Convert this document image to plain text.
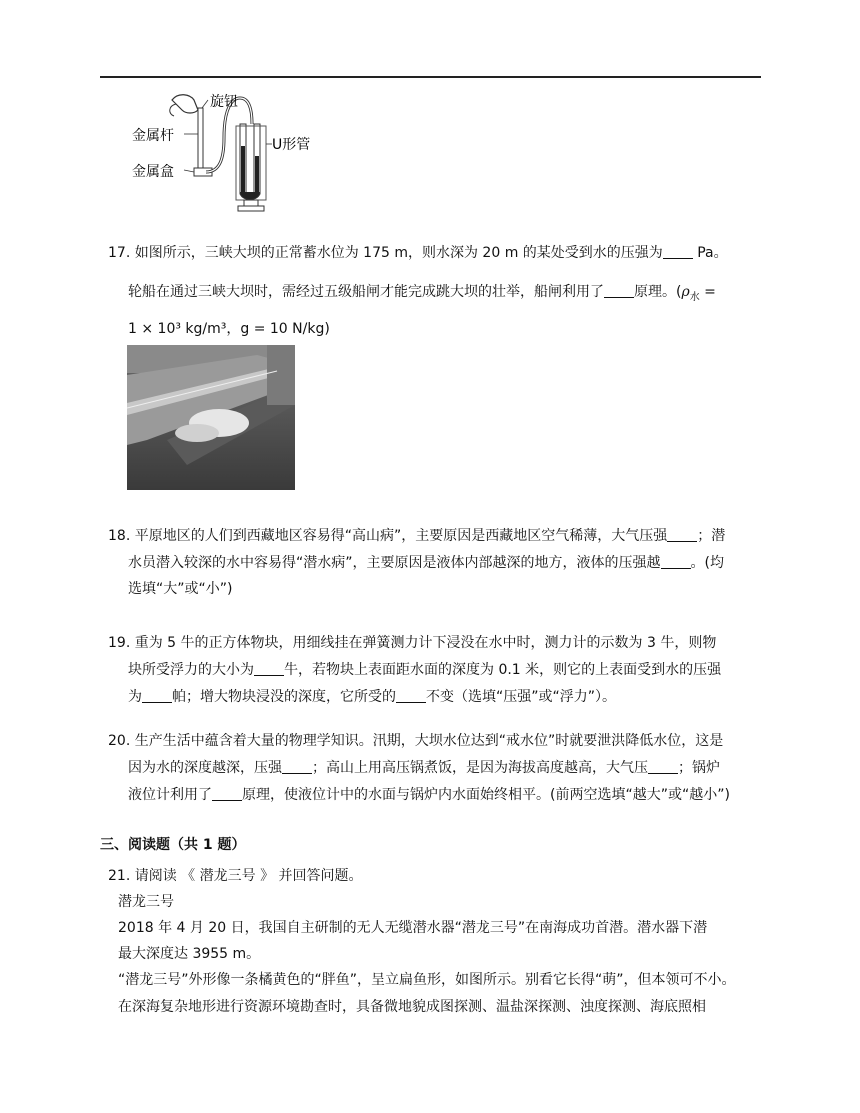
旋钮
金属杆
金属盒
U形管
17. 如图所示，三峡大坝的正常蓄水位为 175 m，则水深为 20 m 的某处受到水的压强为 Pa。
轮船在通过三峡大坝时，需经过五级船闸才能完成跳大坝的壮举，船闸利用了 原理。($\rho_水$ =
1 × 10³ kg/m³，g = 10 N/kg)
18. 平原地区的人们到西藏地区容易得“高山病”，主要原因是西藏地区空气稀薄，大气压强 ；潜
水员潜入较深的水中容易得“潜水病”，主要原因是液体内部越深的地方，液体的压强越 。(均
选填“大”或“小”)
19. 重为 5 牛的正方体物块，用细线挂在弹簧测力计下浸没在水中时，测力计的示数为 3 牛，则物
块所受浮力的大小为 牛，若物块上表面距水面的深度为 0.1 米，则它的上表面受到水的压强
为 帕；增大物块浸没的深度，它所受的 不变（选填“压强”或“浮力”）。
20. 生产生活中蕴含着大量的物理学知识。汛期，大坝水位达到“戒水位”时就要泄洪降低水位，这是
因为水的深度越深，压强 ；高山上用高压锅煮饭，是因为海拔高度越高，大气压 ；锅炉
液位计利用了 原理，使液位计中的水面与锅炉内水面始终相平。(前两空选填“越大”或“越小”)
三、阅读题（共 1 题）
21. 请阅读 《 潜龙三号 》 并回答问题。
潜龙三号
2018 年 4 月 20 日，我国自主研制的无人无缆潜水器“潜龙三号”在南海成功首潜。潜水器下潜
最大深度达 3955 m。
“潜龙三号”外形像一条橘黄色的“胖鱼”，呈立扁鱼形，如图所示。别看它长得“萌”，但本领可不小。
在深海复杂地形进行资源环境勘查时，具备微地貌成图探测、温盐深探测、浊度探测、海底照相
